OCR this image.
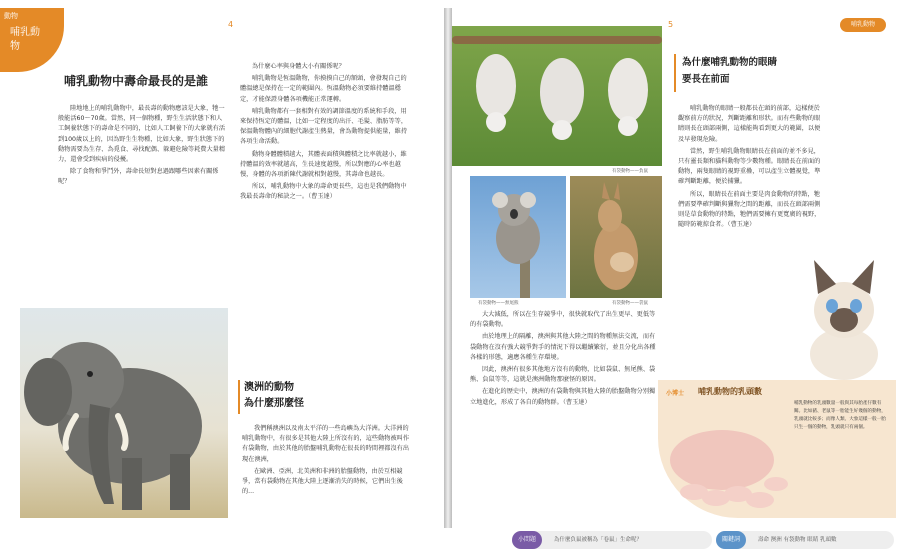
動物
哺乳動物
4
哺乳動物中壽命最長的是誰

陸地地上的哺乳動物中，最長壽的動物應該是大象，牠一般能活60～70歲。當然，同一個物種，野生生活狀態下和人工飼養狀態下的壽命是不同的，比如人工飼養下的大象就有活到100歲以上的，因為野生生物種，比如大象，野生狀態下的動物需要為生存、為覓食、尋找配偶、躲避危險等耗費大量精力，還會受到疾病的侵擾。

除了食物和爭鬥外，壽命長短對息過跟哪些因素有關係呢？

為什麼心率與身體大小有關係呢？

哺乳動物是恆溫動物，你摸摸自己的額頭，會發現自己的體溫總是保持在一定的範圍內。恆溫動物必須要維持體溫穩定，才能保證身體各項機能正常運轉。

哺乳動物都有一套相對有效的調節溫度的系統和手段，用來保持恆定的體溫，比如一定程度的出汗、毛髮、脂肪等等，保溫動物體內的細胞代謝產生熱量，會為動物提供能量，維持各項生命活動。

動物身體體積越大，其體表面積與體積之比率就越小，維持體溫的效率就越高，生長速度越慢，所以對應的心率也越慢，身體的各項新陳代謝就相對越慢，其壽命也越長。

所以，哺乳動物中大象的壽命更長些，這也是我們動物中我最長壽命的秘訣之一。（曹玉達）

澳洲的動物
為什麼那麼怪

我們稱澳洲以及南太平洋的一些島嶼為大洋洲。大洋洲的哺乳動物中，有很多是其他大陸上所沒有的，這些動物被叫作有袋動物，由於其他的胎盤哺乳動物在很長的時間裡都沒有出現在澳洲，

在歐洲、亞洲，北美洲和非洲的胎盤動物，由於互相競爭，當有袋動物在其他大陸上逐漸消失的時候，它們出生後的...

5	哺乳動物
有袋動物——負鼠
有袋動物——無尾熊	有袋動物——袋鼠

大大減低，所以在生存競爭中，很快就取代了出生更早、更低等的有袋動物。

由於地理上的隔離，澳洲與其他大陸之間的物種無法交流，而有袋動物在沒有強大競爭對手的情況下得以繼續繁衍，並且分化出各種各樣的形態，適應各種生存環境。

因此，澳洲有很多其他地方沒有的動物，比如袋鼠、無尾熊、袋熊、負鼠等等，這就是澳洲動物那麼怪的原因。

在進化的歷史中，澳洲的有袋動物與其他大陸的胎盤動物分別獨立地進化，形成了各自的動物群。（曹玉達）

為什麼哺乳動物的眼睛
要長在前面

哺乳動物的眼睛一般都長在頭的前部，這樣便於觀察前方的狀況，判斷距離和形狀。而有些動物的眼睛則長在頭部兩側，這樣能夠看到更大的範圍，以便及早發現危險。

當然，野生哺乳動物眼睛長在前面的並不多見，只有靈長類和貓科動物等少數物種。眼睛長在前面的動物，兩隻眼睛的視野重疊，可以產生立體視覺，準確判斷距離，便於捕獵。

所以，眼睛長在前面主要是肉食動物的特點，牠們需要準確判斷與獵物之間的距離，而長在頭部兩側則是草食動物的特點，牠們需要擁有更寬廣的視野，隨時防範掠食者。（曹玉達）

小博士 哺乳動物的乳頭數
哺乳動物的乳頭數量一般與其每胎產仔數有關。比如豬、老鼠等一胎能生好幾個的動物，乳頭就比較多；而像人類、大象這樣一般一胎只生一個的動物，乳頭就只有兩個。
小問題	為什麼負鼠被稱為「卷鼠」生命呢？	關鍵詞	壽命 澳洲 有袋動物 眼睛 乳頭數
